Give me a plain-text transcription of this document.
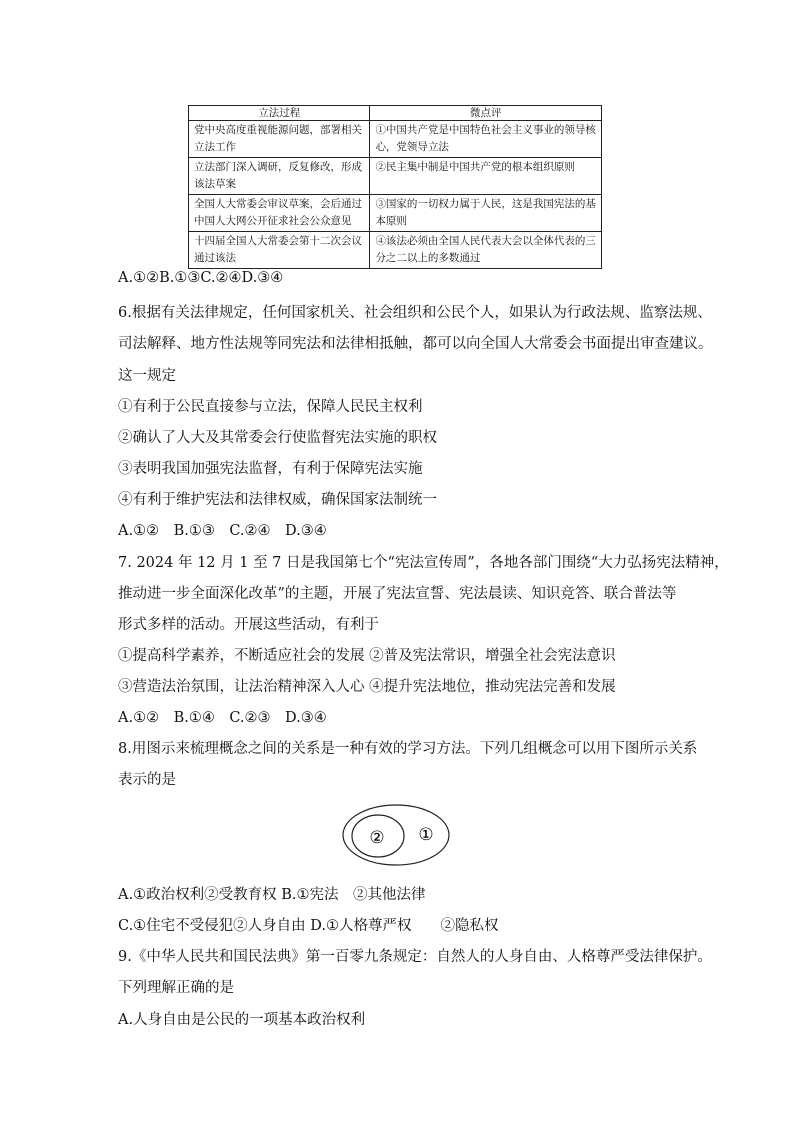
立法过程	微点评
党中央高度重视能源问题，部署相关立法工作	①中国共产党是中国特色社会主义事业的领导核心，党领导立法
立法部门深入调研，反复修改，形成该法草案	②民主集中制是中国共产党的根本组织原则
全国人大常委会审议草案，会后通过中国人大网公开征求社会公众意见	③国家的一切权力属于人民，这是我国宪法的基本原则
十四届全国人大常委会第十二次会议通过该法	④该法必须由全国人民代表大会以全体代表的三分之二以上的多数通过
A.①②B.①③C.②④D.③④
6.根据有关法律规定，任何国家机关、社会组织和公民个人，如果认为行政法规、监察法规、
司法解释、地方性法规等同宪法和法律相抵触，都可以向全国人大常委会书面提出审查建议。
这一规定
①有利于公民直接参与立法，保障人民民主权利
②确认了人大及其常委会行使监督宪法实施的职权
③表明我国加强宪法监督，有利于保障宪法实施
④有利于维护宪法和法律权威，确保国家法制统一
A.①②　B.①③　C.②④　D.③④
7. 2024 年 12 月 1 至 7 日是我国第七个“宪法宣传周”，各地各部门围绕“大力弘扬宪法精神，
推动进一步全面深化改革”的主题，开展了宪法宣誓、宪法晨读、知识竞答、联合普法等
形式多样的活动。开展这些活动，有利于
①提高科学素养，不断适应社会的发展 ②普及宪法常识，增强全社会宪法意识
③营造法治氛围，让法治精神深入人心 ④提升宪法地位，推动宪法完善和发展
A.①②　B.①④　C.②③　D.③④
8.用图示来梳理概念之间的关系是一种有效的学习方法。下列几组概念可以用下图所示关系
表示的是
② ①
A.①政治权利②受教育权 B.①宪法　②其他法律
C.①住宅不受侵犯②人身自由 D.①人格尊严权　　②隐私权
9.《中华人民共和国民法典》第一百零九条规定：自然人的人身自由、人格尊严受法律保护。
下列理解正确的是
A.人身自由是公民的一项基本政治权利
